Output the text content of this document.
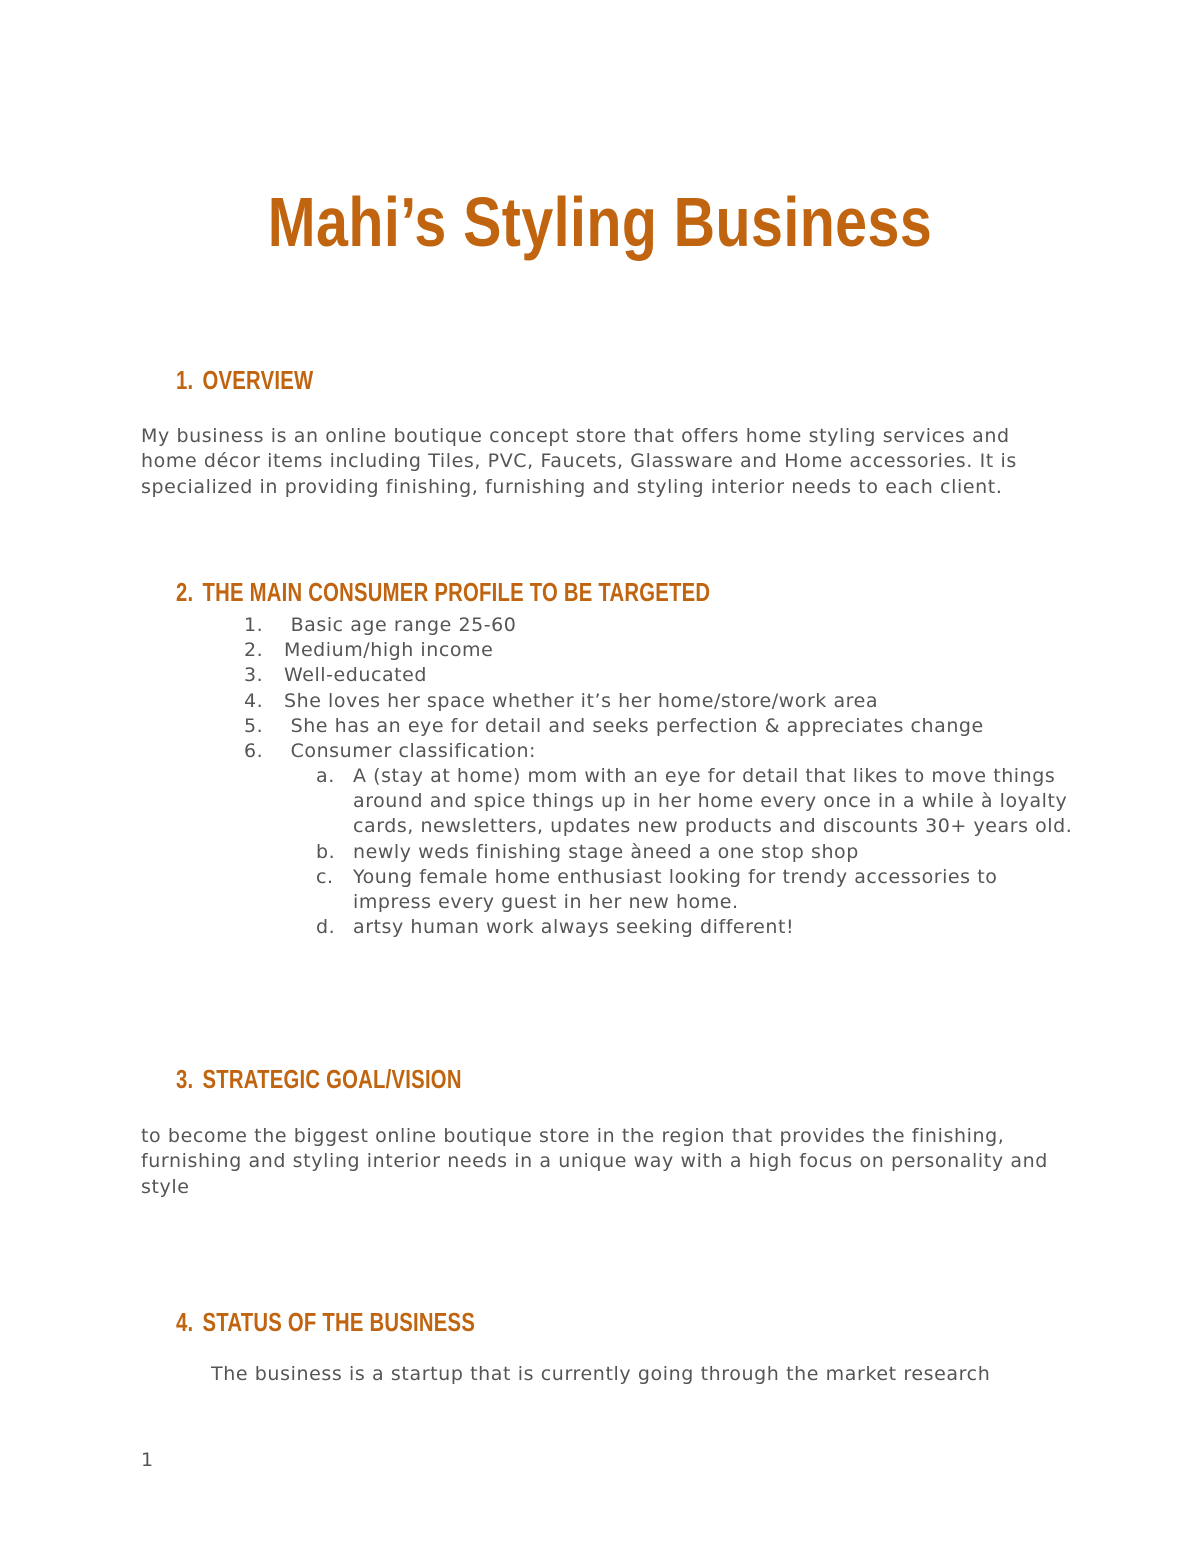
Mahi’s Styling Business
1. OVERVIEW

My business is an online boutique concept store that offers home styling services and home décor items including Tiles, PVC, Faucets, Glassware and Home accessories. It is specialized in providing finishing, furnishing and styling interior needs to each client.

2. THE MAIN CONSUMER PROFILE TO BE TARGETED
1. Basic age range 25-60
2. Medium/high income
3. Well-educated
4. She loves her space whether it’s her home/store/work area
5. She has an eye for detail and seeks perfection & appreciates change
6. Consumer classification:
a. A (stay at home) mom with an eye for detail that likes to move things around and spice things up in her home every once in a while à loyalty cards, newsletters, updates new products and discounts 30+ years old.
b. newly weds finishing stage àneed a one stop shop
c.	Young female home enthusiast looking for trendy accessories to impress every guest in her new home.
d. artsy human work always seeking different!
3. STRATEGIC GOAL/VISION

to become the biggest online boutique store in the region that provides the finishing, furnishing and styling interior needs in a unique way with a high focus on personality and style

4. STATUS OF THE BUSINESS

The business is a startup that is currently going through the market research

1
